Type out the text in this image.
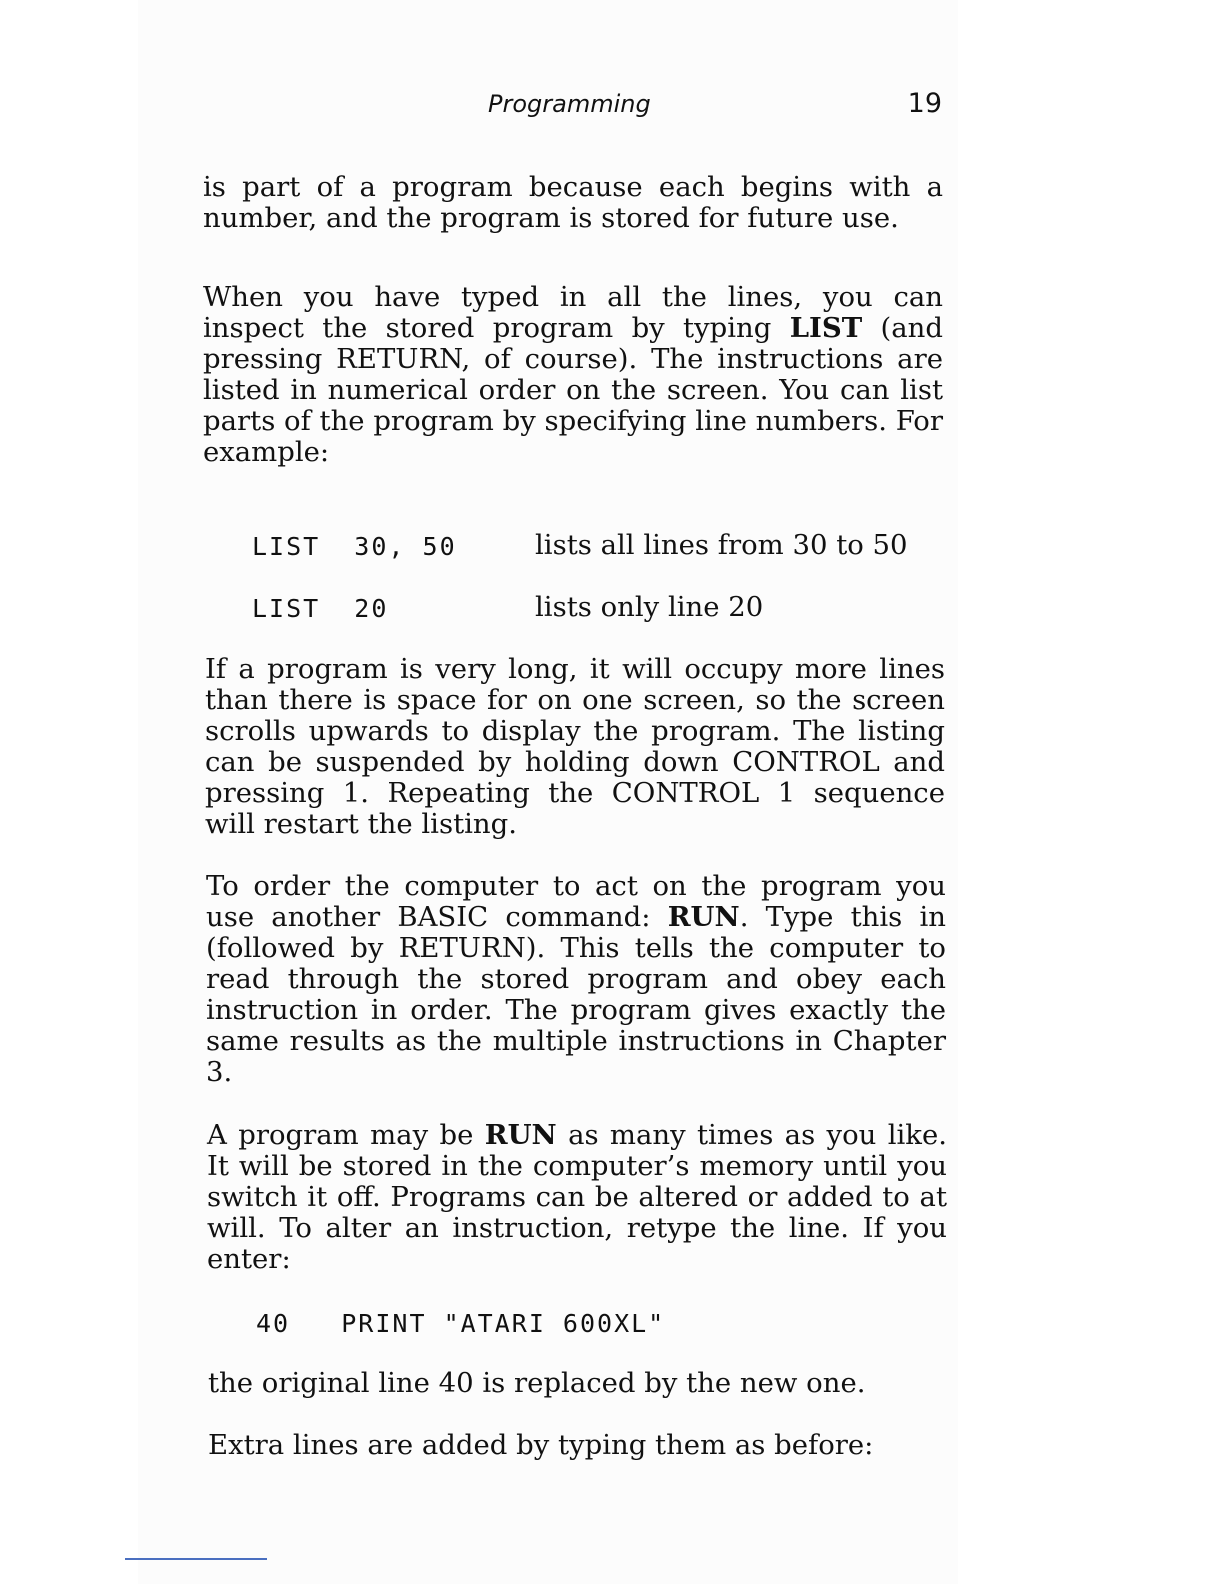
Programming	19

is part of a program because each begins with a number, and the program is stored for future use.

When you have typed in all the lines, you can inspect the stored program by typing LIST (and pressing RETURN, of course). The instructions are listed in numerical order on the screen. You can list parts of the program by specifying line numbers. For example:

LIST  30, 50	lists all lines from 30 to 50
LIST  20	lists only line 20

If a program is very long, it will occupy more lines than there is space for on one screen, so the screen scrolls upwards to display the program. The listing can be suspended by holding down CONTROL and pressing 1. Repeating the CONTROL 1 sequence will restart the listing.

To order the computer to act on the program you use another BASIC command: RUN. Type this in (followed by RETURN). This tells the computer to read through the stored program and obey each instruction in order. The program gives exactly the same results as the multiple instructions in Chapter 3.

A program may be RUN as many times as you like. It will be stored in the computer’s memory until you switch it off. Programs can be altered or added to at will. To alter an instruction, retype the line. If you enter:

40   PRINT "ATARI 600XL"

the original line 40 is replaced by the new one.

Extra lines are added by typing them as before:
